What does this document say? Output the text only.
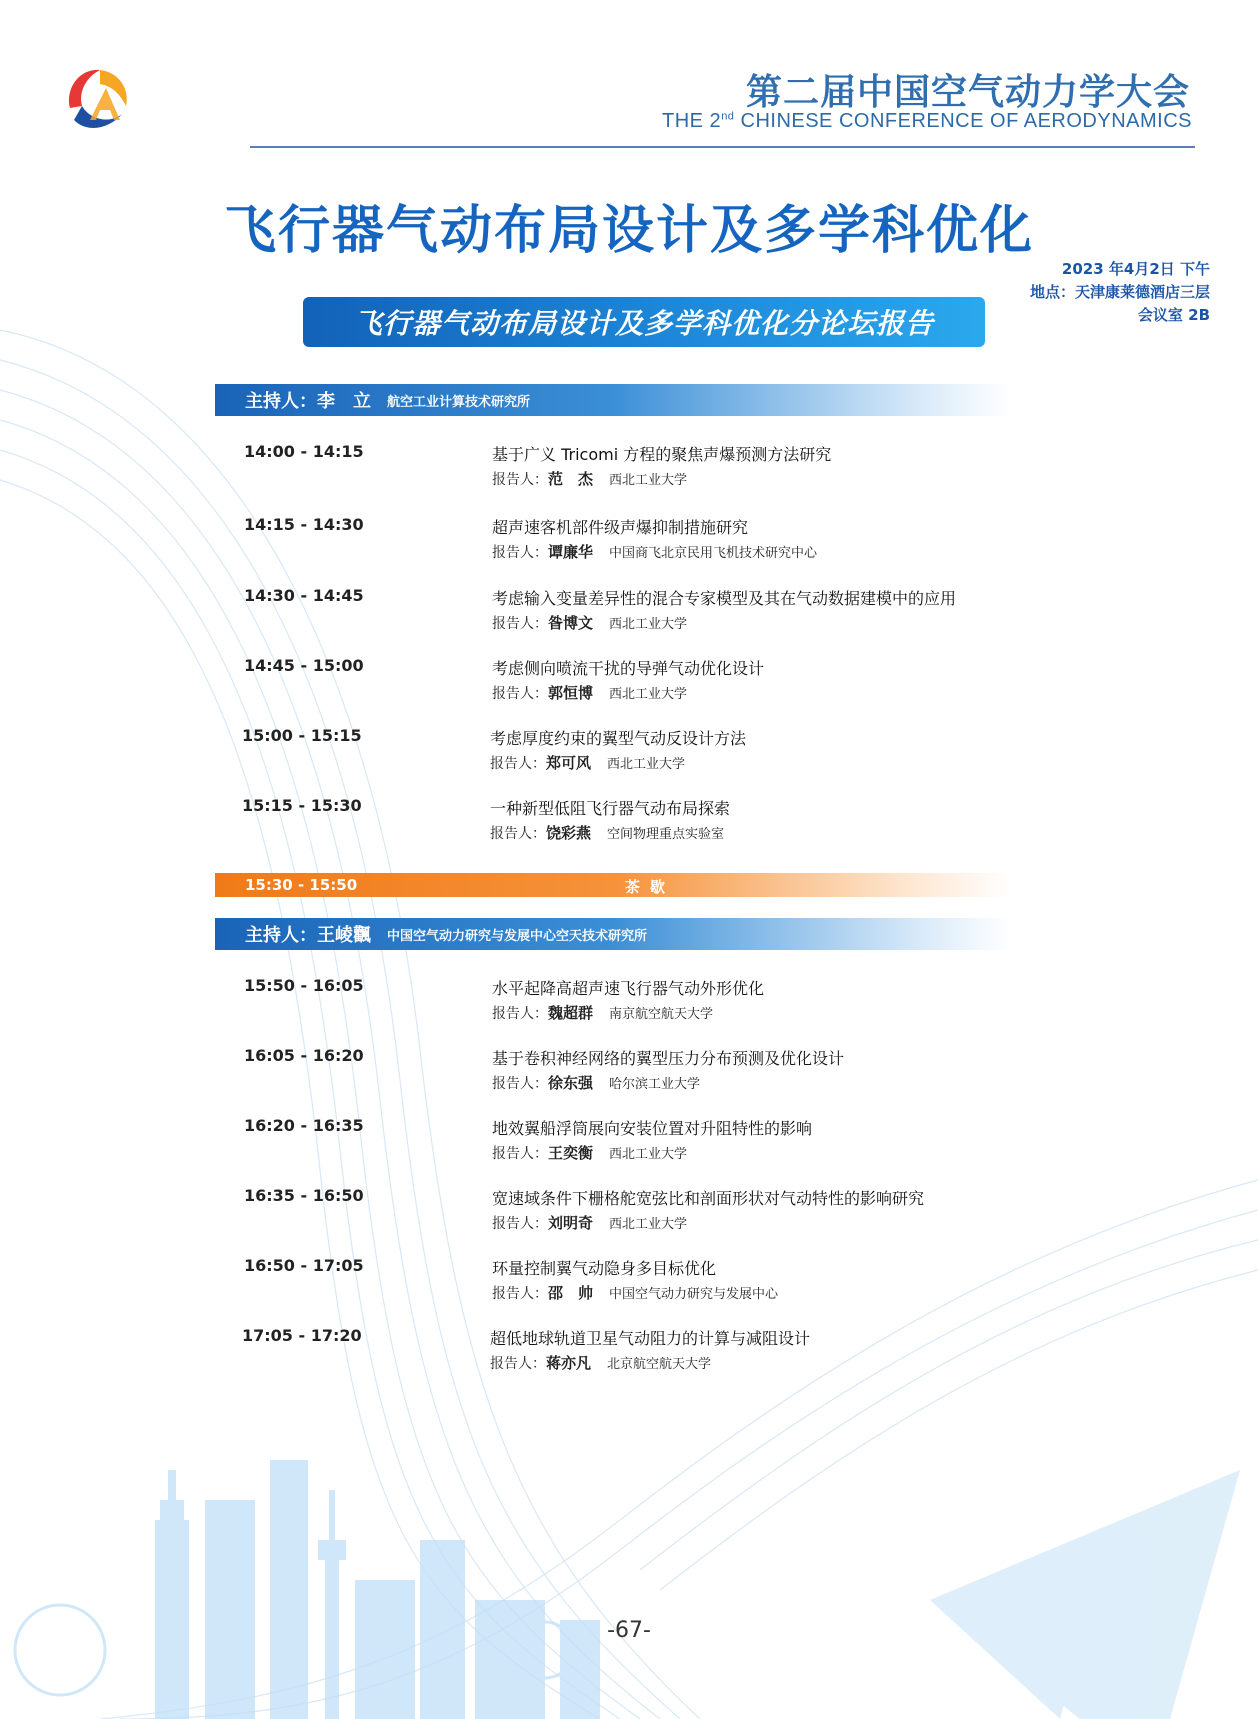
第二届中国空气动力学大会
THE 2nd CHINESE CONFERENCE OF AERODYNAMICS
飞行器气动布局设计及多学科优化
2023 年4月2日 下午
地点：天津康莱德酒店三层
会议室 2B
飞行器气动布局设计及多学科优化分论坛报告
主持人： 李　立 航空工业计算技术研究所
14:00 - 14:15	基于广义 Tricomi 方程的聚焦声爆预测方法研究
报告人：范　杰 西北工业大学
14:15 - 14:30	超声速客机部件级声爆抑制措施研究
报告人：谭廉华 中国商飞北京民用飞机技术研究中心
14:30 - 14:45	考虑输入变量差异性的混合专家模型及其在气动数据建模中的应用
报告人：昝博文 西北工业大学
14:45 - 15:00	考虑侧向喷流干扰的导弹气动优化设计
报告人：郭恒博 西北工业大学
15:00 - 15:15	考虑厚度约束的翼型气动反设计方法
报告人：郑可风 西北工业大学
15:15 - 15:30	一种新型低阻飞行器气动布局探索
报告人：饶彩燕 空间物理重点实验室
15:30 - 15:50	茶歇
主持人： 王崚飌 中国空气动力研究与发展中心空天技术研究所
15:50 - 16:05	水平起降高超声速飞行器气动外形优化
报告人：魏超群 南京航空航天大学
16:05 - 16:20	基于卷积神经网络的翼型压力分布预测及优化设计
报告人：徐东强 哈尔滨工业大学
16:20 - 16:35	地效翼船浮筒展向安装位置对升阻特性的影响
报告人：王奕衡 西北工业大学
16:35 - 16:50	宽速域条件下栅格舵宽弦比和剖面形状对气动特性的影响研究
报告人：刘明奇 西北工业大学
16:50 - 17:05	环量控制翼气动隐身多目标优化
报告人：邵　帅 中国空气动力研究与发展中心
17:05 - 17:20	超低地球轨道卫星气动阻力的计算与减阻设计
报告人：蒋亦凡 北京航空航天大学
-67-
